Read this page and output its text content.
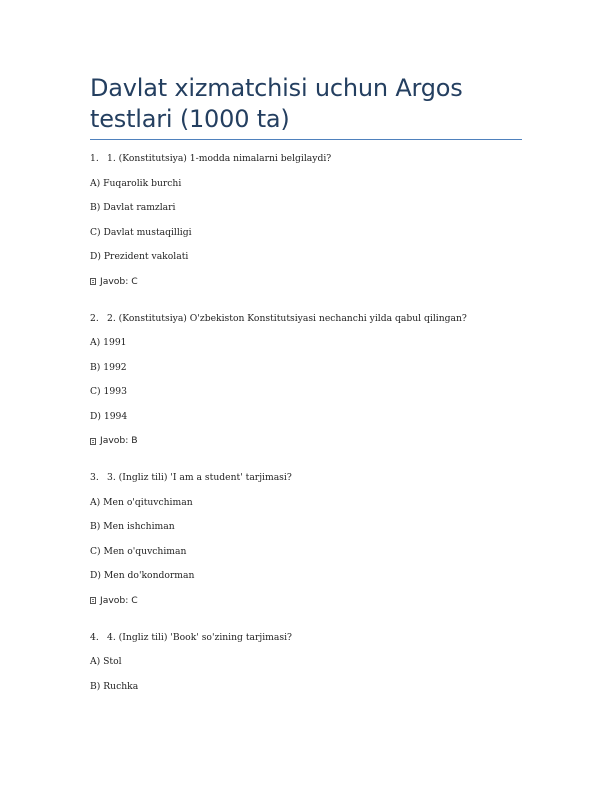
Davlat xizmatchisi uchun Argos testlari (1000 ta)
1. 1. (Konstitutsiya) 1-modda nimalarni belgilaydi?
A) Fuqarolik burchi
B) Davlat ramzlari
C) Davlat mustaqilligi
D) Prezident vakolati
Javob: C
2. 2. (Konstitutsiya) O'zbekiston Konstitutsiyasi nechanchi yilda qabul qilingan?
A) 1991
B) 1992
C) 1993
D) 1994
Javob: B
3. 3. (Ingliz tili) 'I am a student' tarjimasi?
A) Men o'qituvchiman
B) Men ishchiman
C) Men o'quvchiman
D) Men do'kondorman
Javob: C
4. 4. (Ingliz tili) 'Book' so'zining tarjimasi?
A) Stol
B) Ruchka
